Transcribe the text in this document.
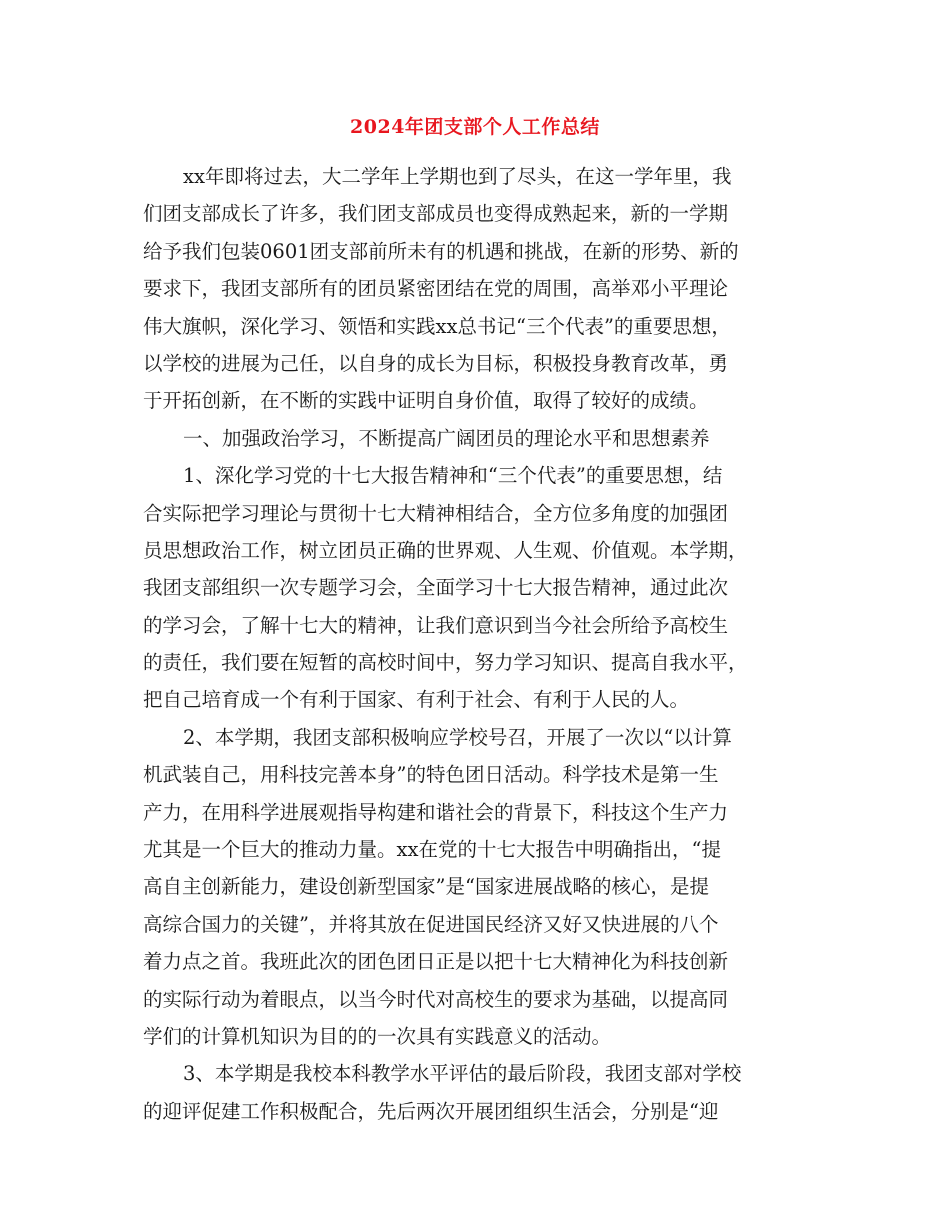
2024年团支部个人工作总结
xx年即将过去，大二学年上学期也到了尽头，在这一学年里，我
们团支部成长了许多，我们团支部成员也变得成熟起来，新的一学期
给予我们包装0601团支部前所未有的机遇和挑战，在新的形势、新的
要求下，我团支部所有的团员紧密团结在党的周围，高举邓小平理论
伟大旗帜，深化学习、领悟和实践xx总书记“三个代表”的重要思想，
以学校的进展为己任，以自身的成长为目标，积极投身教育改革，勇
于开拓创新，在不断的实践中证明自身价值，取得了较好的成绩。
一、加强政治学习，不断提高广阔团员的理论水平和思想素养
1、深化学习党的十七大报告精神和“三个代表”的重要思想，结
合实际把学习理论与贯彻十七大精神相结合，全方位多角度的加强团
员思想政治工作，树立团员正确的世界观、人生观、价值观。本学期，
我团支部组织一次专题学习会，全面学习十七大报告精神，通过此次
的学习会，了解十七大的精神，让我们意识到当今社会所给予高校生
的责任，我们要在短暂的高校时间中，努力学习知识、提高自我水平，
把自己培育成一个有利于国家、有利于社会、有利于人民的人。
2、本学期，我团支部积极响应学校号召，开展了一次以“以计算
机武装自己，用科技完善本身”的特色团日活动。科学技术是第一生
产力，在用科学进展观指导构建和谐社会的背景下，科技这个生产力
尤其是一个巨大的推动力量。xx在党的十七大报告中明确指出，“提
高自主创新能力，建设创新型国家”是“国家进展战略的核心，是提
高综合国力的关键”，并将其放在促进国民经济又好又快进展的八个
着力点之首。我班此次的团色团日正是以把十七大精神化为科技创新
的实际行动为着眼点，以当今时代对高校生的要求为基础，以提高同
学们的计算机知识为目的的一次具有实践意义的活动。
3、本学期是我校本科教学水平评估的最后阶段，我团支部对学校
的迎评促建工作积极配合，先后两次开展团组织生活会，分别是“迎
